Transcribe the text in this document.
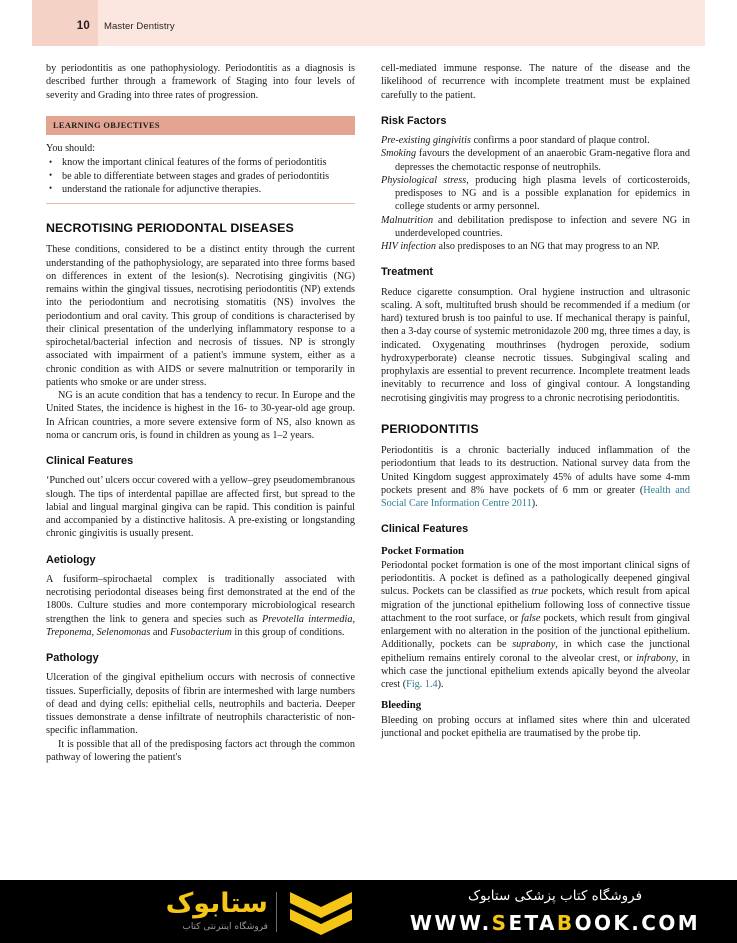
10 Master Dentistry

by periodontitis as one pathophysiology. Periodontitis as a diagnosis is described further through a framework of Staging into four levels of severity and Grading into three rates of progression.

LEARNING OBJECTIVES
You should:
• know the important clinical features of the forms of periodontitis
• be able to differentiate between stages and grades of periodontitis
• understand the rationale for adjunctive therapies.
NECROTISING PERIODONTAL DISEASES

These conditions, considered to be a distinct entity through the current understanding of the pathophysiology, are separated into three forms based on differences in extent of the lesion(s). Necrotising gingivitis (NG) remains within the gingival tissues, necrotising periodontitis (NP) extends into the periodontium and necrotising stomatitis (NS) involves the periodontium and oral cavity. This group of conditions is characterised by their clinical presentation of the underlying inflammatory response to a spirochetal/bacterial infection and necrosis of tissues. NP is strongly associated with impairment of a patient's immune system, either as a chronic condition as with AIDS or severe malnutrition or temporarily in patients who smoke or are under stress.

NG is an acute condition that has a tendency to recur. In Europe and the United States, the incidence is highest in the 16- to 30-year-old age group. In African countries, a more severe extensive form of NS, also known as noma or cancrum oris, is found in children as young as 1–2 years.

Clinical Features

‘Punched out’ ulcers occur covered with a yellow–grey pseudomembranous slough. The tips of interdental papillae are affected first, but spread to the labial and lingual marginal gingiva can be rapid. This condition is painful and accompanied by a distinctive halitosis. A pre-existing or longstanding chronic gingivitis is usually present.

Aetiology

A fusiform–spirochaetal complex is traditionally associated with necrotising periodontal diseases being first demonstrated at the end of the 1800s. Culture studies and more contemporary microbiological research strengthen the link to genera and species such as Prevotella intermedia, Treponema, Selenomonas and Fusobacterium in this group of conditions.

Pathology

Ulceration of the gingival epithelium occurs with necrosis of connective tissues. Superficially, deposits of fibrin are intermeshed with large numbers of dead and dying cells: epithelial cells, neutrophils and bacteria. Deeper tissues demonstrate a dense infiltrate of neutrophils characteristic of non-specific inflammation.

It is possible that all of the predisposing factors act through the common pathway of lowering the patient's

cell-mediated immune response. The nature of the disease and the likelihood of recurrence with incomplete treatment must be explained carefully to the patient.

Risk Factors
Pre-existing gingivitis confirms a poor standard of plaque control.
Smoking favours the development of an anaerobic Gram-negative flora and depresses the chemotactic response of neutrophils.
Physiological stress, producing high plasma levels of corticosteroids, predisposes to NG and is a possible explanation for epidemics in college students or army personnel.
Malnutrition and debilitation predispose to infection and severe NG in underdeveloped countries.
HIV infection also predisposes to an NG that may progress to an NP.
Treatment

Reduce cigarette consumption. Oral hygiene instruction and ultrasonic scaling. A soft, multitufted brush should be recommended if a medium (or hard) textured brush is too painful to use. If mechanical therapy is painful, then a 3-day course of systemic metronidazole 200 mg, three times a day, is indicated. Oxygenating mouthrinses (hydrogen peroxide, sodium hydroxyperborate) cleanse necrotic tissues. Subgingival scaling and prophylaxis are essential to prevent recurrence. Incomplete treatment leads inevitably to recurrence and loss of gingival contour. A longstanding necrotising gingivitis may progress to a chronic necrotising periodontitis.

PERIODONTITIS

Periodontitis is a chronic bacterially induced inflammation of the periodontium that leads to its destruction. National survey data from the United Kingdom suggest approximately 45% of adults have some 4-mm pockets present and 8% have pockets of 6 mm or greater (Health and Social Care Information Centre 2011).

Clinical Features
Pocket Formation

Periodontal pocket formation is one of the most important clinical signs of periodontitis. A pocket is defined as a pathologically deepened gingival sulcus. Pockets can be classified as true pockets, which result from apical migration of the junctional epithelium following loss of connective tissue attachment to the root surface, or false pockets, which result from gingival enlargement with no alteration in the position of the junctional epithelium. Additionally, pockets can be suprabony, in which case the junctional epithelium remains entirely coronal to the alveolar crest, or infrabony, in which case the junctional epithelium extends apically beyond the alveolar crest (Fig. 1.4).

Bleeding

Bleeding on probing occurs at inflamed sites where thin and ulcerated junctional and pocket epithelia are traumatised by the probe tip.

ستابوک
فروشگاه اینترنتی کتاب
فروشگاه کتاب پزشکی ستابوک
WWW.SETABOOK.COM
